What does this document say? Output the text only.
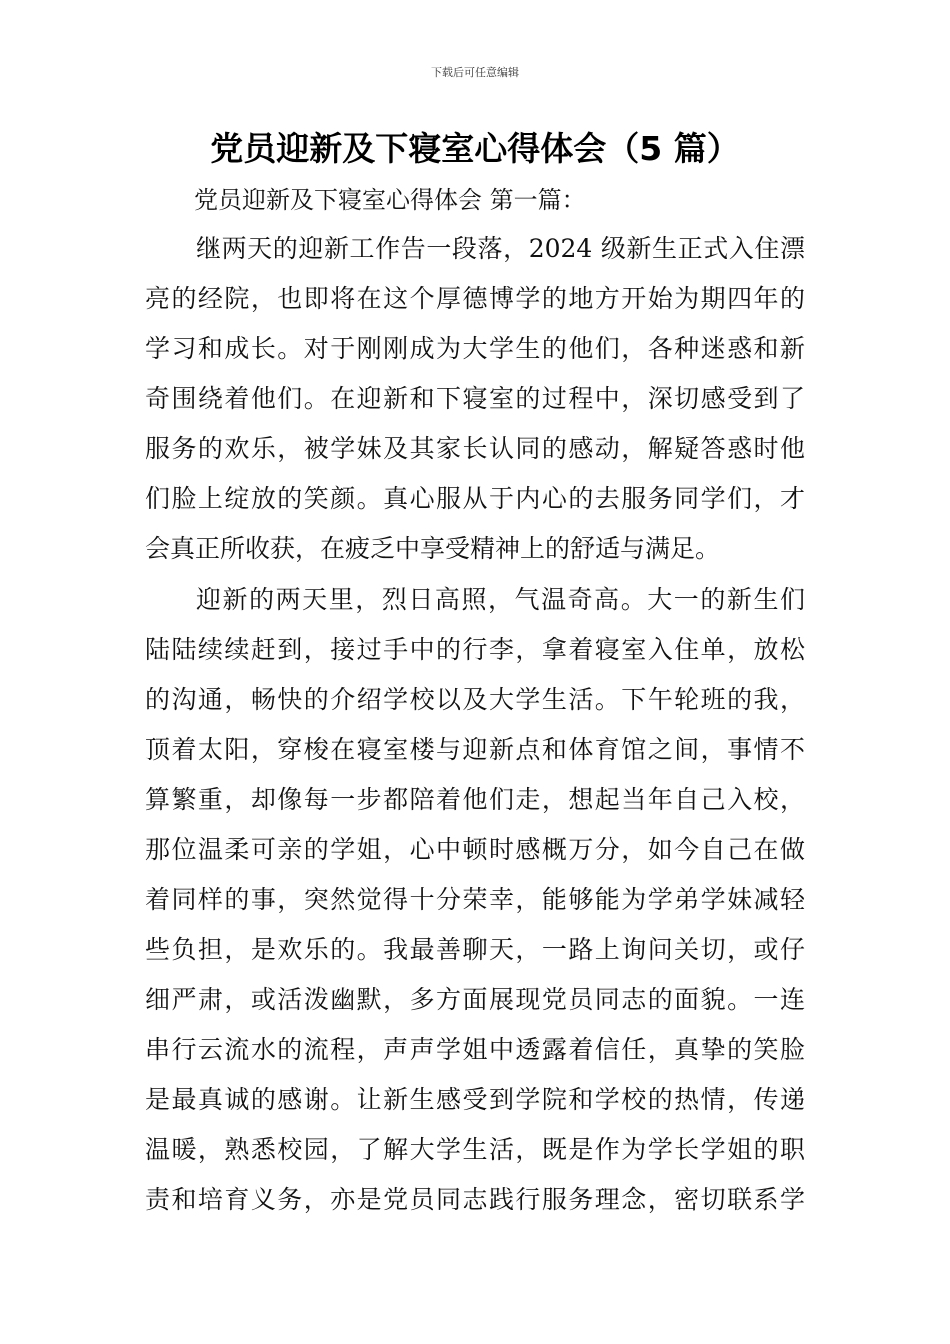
下载后可任意编辑
党员迎新及下寝室心得体会（5 篇）
党员迎新及下寝室心得体会 第一篇：
继两天的迎新工作告一段落，2024 级新生正式入住漂
亮的经院，也即将在这个厚德博学的地方开始为期四年的
学习和成长。对于刚刚成为大学生的他们，各种迷惑和新
奇围绕着他们。在迎新和下寝室的过程中，深切感受到了
服务的欢乐，被学妹及其家长认同的感动，解疑答惑时他
们脸上绽放的笑颜。真心服从于内心的去服务同学们，才
会真正所收获，在疲乏中享受精神上的舒适与满足。
迎新的两天里，烈日高照，气温奇高。大一的新生们
陆陆续续赶到，接过手中的行李，拿着寝室入住单，放松
的沟通，畅快的介绍学校以及大学生活。下午轮班的我，
顶着太阳，穿梭在寝室楼与迎新点和体育馆之间，事情不
算繁重，却像每一步都陪着他们走，想起当年自己入校，
那位温柔可亲的学姐，心中顿时感概万分，如今自己在做
着同样的事，突然觉得十分荣幸，能够能为学弟学妹减轻
些负担，是欢乐的。我最善聊天，一路上询问关切，或仔
细严肃，或活泼幽默，多方面展现党员同志的面貌。一连
串行云流水的流程，声声学姐中透露着信任，真挚的笑脸
是最真诚的感谢。让新生感受到学院和学校的热情，传递
温暖，熟悉校园，了解大学生活，既是作为学长学姐的职
责和培育义务，亦是党员同志践行服务理念，密切联系学
